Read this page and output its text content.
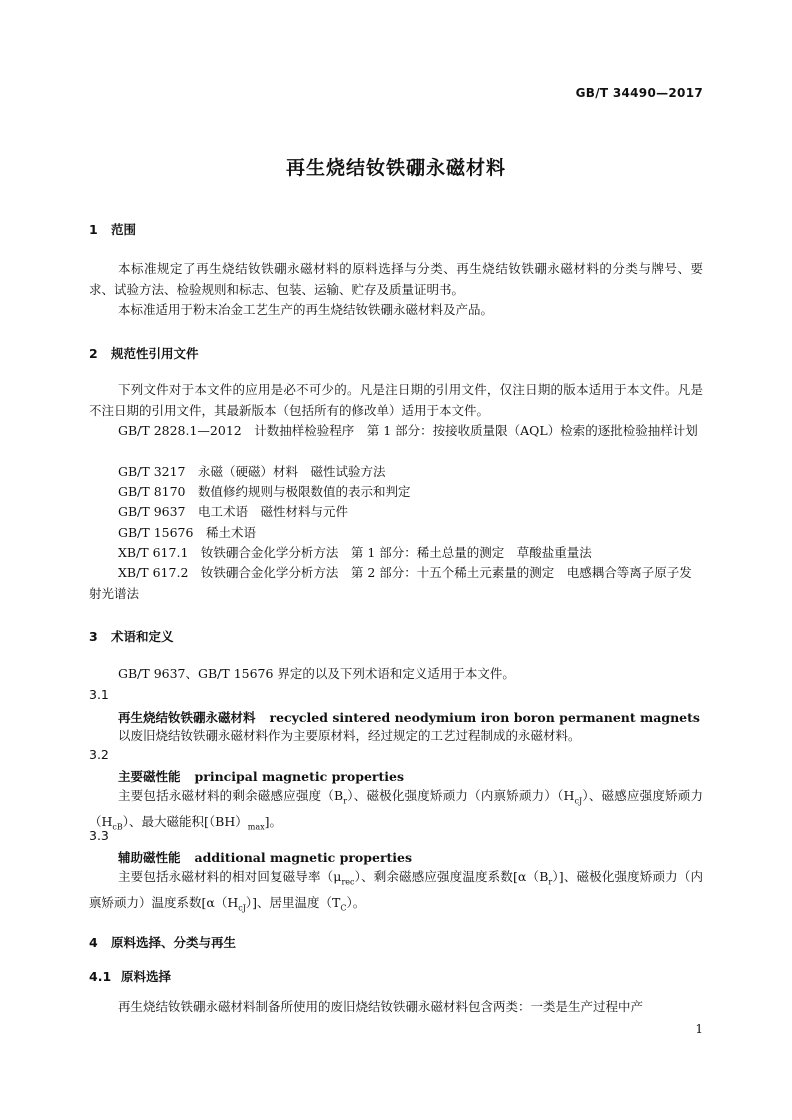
GB/T 34490—2017
再生烧结钕铁硼永磁材料
1 范围
本标准规定了再生烧结钕铁硼永磁材料的原料选择与分类、再生烧结钕铁硼永磁材料的分类与牌号、要求、试验方法、检验规则和标志、包装、运输、贮存及质量证明书。
本标准适用于粉末冶金工艺生产的再生烧结钕铁硼永磁材料及产品。
2 规范性引用文件
下列文件对于本文件的应用是必不可少的。凡是注日期的引用文件，仅注日期的版本适用于本文件。凡是不注日期的引用文件，其最新版本（包括所有的修改单）适用于本文件。
GB/T 2828.1—2012　计数抽样检验程序　第 1 部分：按接收质量限（AQL）检索的逐批检验抽样计划
GB/T 3217　永磁（硬磁）材料　磁性试验方法
GB/T 8170　数值修约规则与极限数值的表示和判定
GB/T 9637　电工术语　磁性材料与元件
GB/T 15676　稀土术语
XB/T 617.1　钕铁硼合金化学分析方法　第 1 部分：稀土总量的测定　草酸盐重量法
XB/T 617.2　钕铁硼合金化学分析方法　第 2 部分：十五个稀土元素量的测定　电感耦合等离子原子发射光谱法
3 术语和定义
GB/T 9637、GB/T 15676 界定的以及下列术语和定义适用于本文件。
3.1
再生烧结钕铁硼永磁材料 recycled sintered neodymium iron boron permanent magnets
以废旧烧结钕铁硼永磁材料作为主要原材料，经过规定的工艺过程制成的永磁材料。
3.2
主要磁性能 principal magnetic properties
主要包括永磁材料的剩余磁感应强度$(B_r)$、磁极化强度矫顽力（内禀矫顽力）$(H_{cJ})$、磁感应强度矫顽力$(H_{cB})$、最大磁能积$[(BH)_{max}]$。
3.3
辅助磁性能 additional magnetic properties
主要包括永磁材料的相对回复磁导率$(\mu_{rec})$、剩余磁感应强度温度系数$[\alpha(B_r)]$、磁极化强度矫顽力（内禀矫顽力）温度系数$[\alpha(H_{cJ})]$、居里温度$(T_C)$。
4 原料选择、分类与再生
4.1 原料选择
再生烧结钕铁硼永磁材料制备所使用的废旧烧结钕铁硼永磁材料包含两类：一类是生产过程中产
1
